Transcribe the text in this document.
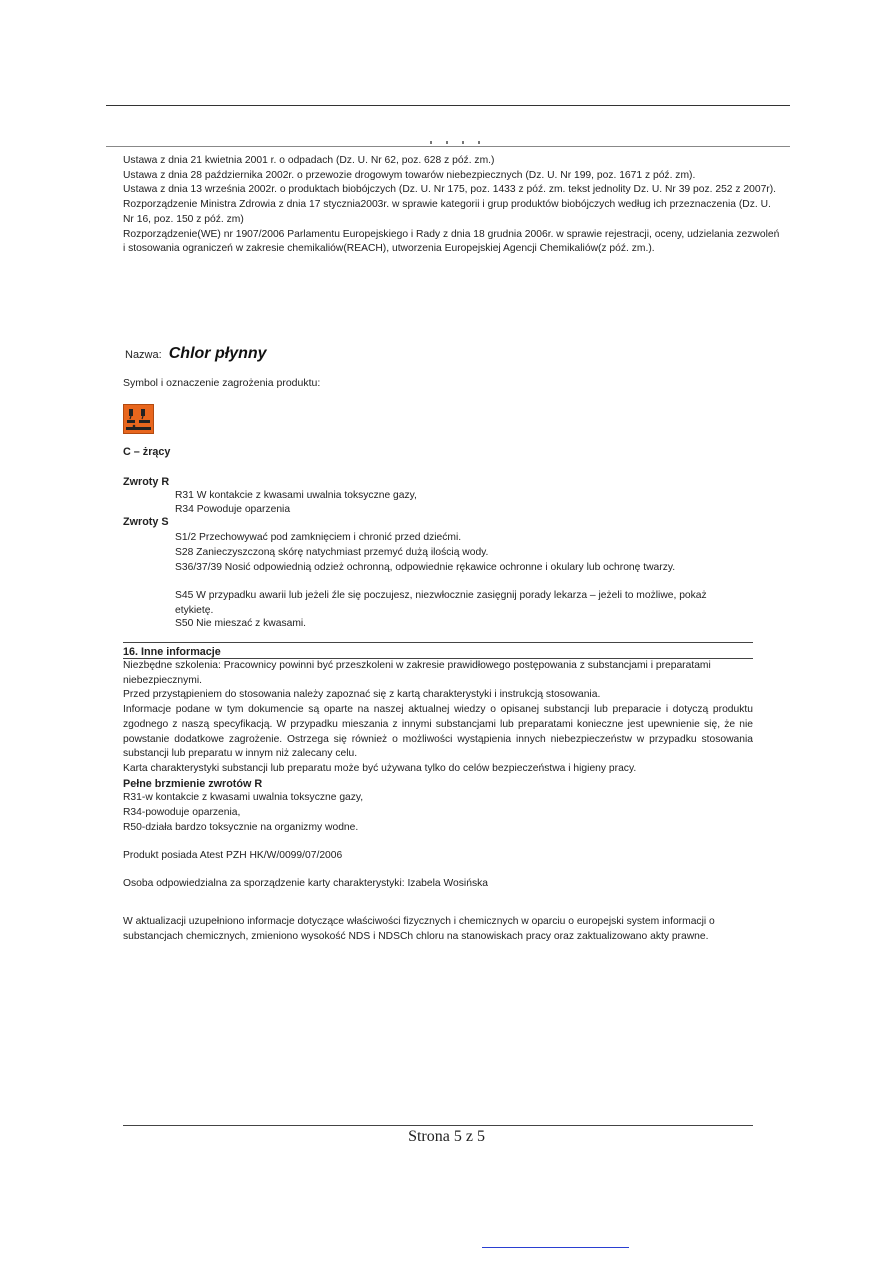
Ustawa z dnia 21 kwietnia 2001 r. o odpadach (Dz. U. Nr 62, poz. 628 z póź. zm.)

Ustawa z dnia 28 października 2002r. o przewozie drogowym towarów niebezpiecznych (Dz. U. Nr 199, poz. 1671 z póź. zm).

Ustawa z dnia 13 września 2002r. o produktach biobójczych (Dz. U. Nr 175, poz. 1433 z póź. zm. tekst jednolity Dz. U. Nr 39 poz. 252 z 2007r).

Rozporządzenie Ministra Zdrowia z dnia 17 stycznia2003r. w sprawie kategorii i grup produktów biobójczych według ich przeznaczenia (Dz. U. Nr 16, poz. 150 z póź. zm)

Rozporządzenie(WE) nr 1907/2006 Parlamentu Europejskiego i Rady z dnia 18 grudnia 2006r. w sprawie rejestracji, oceny, udzielania zezwoleń i stosowania ograniczeń w zakresie chemikaliów(REACH), utworzenia Europejskiej Agencji Chemikaliów(z póź. zm.).

Nazwa: Chlor płynny
Symbol i oznaczenie zagrożenia produktu:
C – żrący
Zwroty R
R31 W kontakcie z kwasami uwalnia toksyczne gazy,
R34 Powoduje oparzenia
Zwroty S
S1/2 Przechowywać pod zamknięciem i chronić przed dziećmi.
S28 Zanieczyszczoną skórę natychmiast przemyć dużą ilością wody.
S36/37/39 Nosić odpowiednią odzież ochronną, odpowiednie rękawice ochronne i okulary lub ochronę twarzy.
S45 W przypadku awarii lub jeżeli źle się poczujesz, niezwłocznie zasięgnij porady lekarza – jeżeli to możliwe, pokaż etykietę.
S50 Nie mieszać z kwasami.
16. Inne informacje

Niezbędne szkolenia: Pracownicy powinni być przeszkoleni w zakresie prawidłowego postępowania z substancjami i preparatami niebezpiecznymi.

Przed przystąpieniem do stosowania należy zapoznać się z kartą charakterystyki i instrukcją stosowania.

Informacje podane w tym dokumencie są oparte na naszej aktualnej wiedzy o opisanej substancji lub preparacie i dotyczą produktu zgodnego z naszą specyfikacją. W przypadku mieszania z innymi substancjami lub preparatami konieczne jest upewnienie się, że nie powstanie dodatkowe zagrożenie. Ostrzega się również o możliwości wystąpienia innych niebezpieczeństw w przypadku stosowania substancji lub preparatu w innym niż zalecany celu.

Karta charakterystyki substancji lub preparatu może być używana tylko do celów bezpieczeństwa i higieny pracy.

Pełne brzmienie zwrotów R

R31-w kontakcie z kwasami uwalnia toksyczne gazy,

R34-powoduje oparzenia,

R50-działa bardzo toksycznie na organizmy wodne.

Produkt posiada Atest PZH HK/W/0099/07/2006
Osoba odpowiedzialna za sporządzenie karty charakterystyki: Izabela Wosińska
W aktualizacji uzupełniono informacje dotyczące właściwości fizycznych i chemicznych w oparciu o europejski system informacji o substancjach chemicznych, zmieniono wysokość NDS i NDSCh chloru na stanowiskach pracy oraz zaktualizowano akty prawne.
Strona 5 z 5
